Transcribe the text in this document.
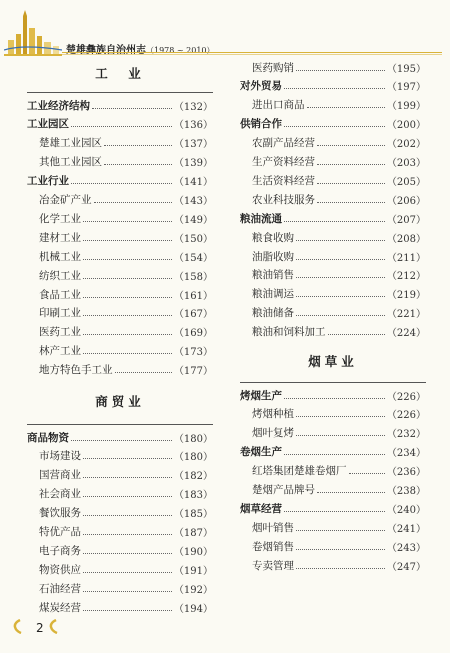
楚雄彝族自治州志（1978 ~ 2010）
工　业
工业经济结构	（132）
工业园区	（136）
楚雄工业园区	（137）
其他工业园区	（139）
工业行业	（141）
冶金矿产业	（143）
化学工业	（149）
建材工业	（150）
机械工业	（154）
纺织工业	（158）
食品工业	（161）
印刷工业	（167）
医药工业	（169）
林产工业	（173）
地方特色手工业	（177）
商贸业
商品物资	（180）
市场建设	（180）
国营商业	（182）
社会商业	（183）
餐饮服务	（185）
特优产品	（187）
电子商务	（190）
物资供应	（191）
石油经营	（192）
煤炭经营	（194）
医药购销	（195）
对外贸易	（197）
进出口商品	（199）
供销合作	（200）
农副产品经营	（202）
生产资料经营	（203）
生活资料经营	（205）
农业科技服务	（206）
粮油流通	（207）
粮食收购	（208）
油脂收购	（211）
粮油销售	（212）
粮油调运	（219）
粮油储备	（221）
粮油和饲料加工	（224）
烟草业
烤烟生产	（226）
烤烟种植	（226）
烟叶复烤	（232）
卷烟生产	（234）
红塔集团楚雄卷烟厂	（236）
楚烟产品牌号	（238）
烟草经营	（240）
烟叶销售	（241）
卷烟销售	（243）
专卖管理	（247）
2
